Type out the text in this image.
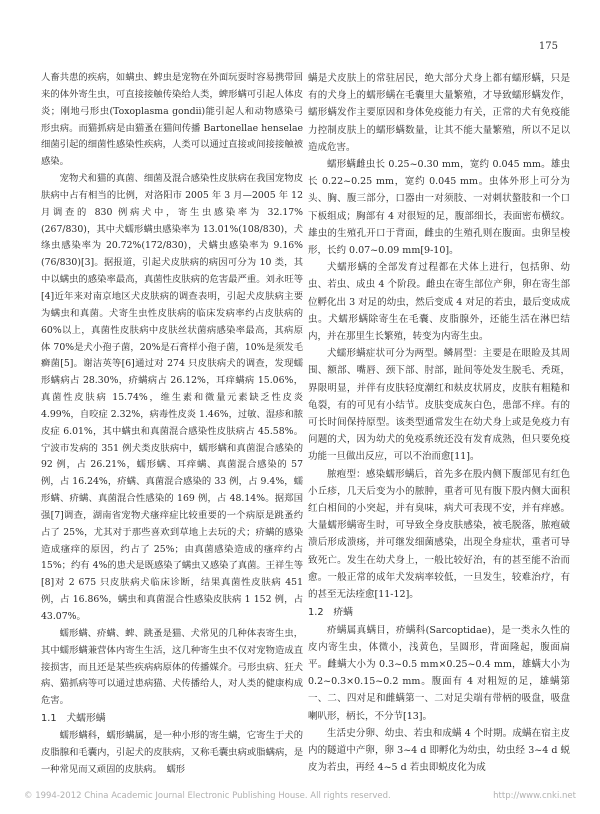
175

人畜共患的疾病，如螨虫、蜱虫是宠物在外面玩耍时容易携带回来的体外寄生虫，可直接接触传染给人类，蜱形螨可引起人体皮炎；刚地弓形虫(Toxoplasma gondii)能引起人和动物感染弓形虫病。而猫抓病是由猫蚤在猫间传播 Bartonellae henselae 细菌引起的细菌性感染性疾病，人类可以通过直接或间接接触被感染。

宠物犬和猫的真菌、细菌及混合感染性皮肤病在我国宠物皮肤病中占有相当的比例，对洛阳市 2005 年 3 月—2005 年 12 月调查的 830 例病犬中，寄生虫感染率为 32.17%(267/830)，其中犬蠕形螨虫感染率为 13.01%(108/830)，犬绦虫感染率为 20.72%(172/830)，犬螨虫感染率为 9.16%(76/830)[3]。据报道，引起犬皮肤病的病因可分为 10 类，其中以螨虫的感染率最高，真菌性皮肤病的危害最严重。刘永旺等[4]近年来对南京地区犬皮肤病的调查表明，引起犬皮肤病主要为螨虫和真菌。犬寄生虫性皮肤病的临床发病率约占皮肤病的 60%以上，真菌性皮肤病中皮肤丝状菌病感染率最高，其病原体 70%是犬小孢子菌，20%是石膏样小孢子菌，10%是须发毛癣菌[5]。谢洁英等[6]通过对 274 只皮肤病犬的调查，发现蠕形螨病占 28.30%，疥螨病占 26.12%，耳痒螨病 15.06%，真菌性皮肤病 15.74%，维生素和微量元素缺乏性皮炎 4.99%，自咬症 2.32%，病毒性皮炎 1.46%，过敏、湿疹和脓皮症 6.01%，其中螨虫和真菌混合感染性皮肤病占 45.58%。宁波市发病的 351 例犬类皮肤病中，蠕形螨和真菌混合感染的 92 例，占 26.21%，蠕形螨、耳痒螨、真菌混合感染的 57 例，占 16.24%，疥螨、真菌混合感染的 33 例，占 9.4%，蠕形螨、疥螨、真菌混合性感染的 169 例，占 48.14%。据郑国强[7]调查，湖南省宠物犬瘙痒症比较重要的一个病原是跳蚤约占了 25%，尤其对于那些喜欢到草地上去玩的犬；疥螨的感染造成瘙痒的原因，约占了 25%；由真菌感染造成的瘙痒约占 15%；约有 4%的患犬是既感染了螨虫又感染了真菌。王祥生等[8]对 2 675 只皮肤病犬临床诊断，结果真菌性皮肤病 451 例，占 16.86%，螨虫和真菌混合性感染皮肤病 1 152 例，占 43.07%。

蠕形螨、疥螨、蜱、跳蚤是猫、犬常见的几种体表寄生虫，其中蠕形螨兼营体内寄生生活，这几种寄生虫不仅对宠物造成直接损害，而且还是某些疾病病原体的传播媒介。弓形虫病、狂犬病、猫抓病等可以通过患病猫、犬传播给人，对人类的健康构成危害。

1.1　犬蠕形螨

蠕形螨科，蠕形螨属，是一种小形的寄生螨，它寄生于犬的皮脂腺和毛囊内，引起犬的皮肤病，又称毛囊虫病或脂螨病，是一种常见而又顽固的皮肤病。　蠕形

螨是犬皮肤上的常驻居民，绝大部分犬身上都有蠕形螨，只是有的犬身上的蠕形螨在毛囊里大量繁殖，才导致蠕形螨发作，蠕形螨发作主要原因和身体免疫能力有关，正常的犬有免疫能力控制皮肤上的蠕形螨数量，让其不能大量繁殖，所以不足以造成危害。

蠕形螨雌虫长 0.25~0.30 mm，宽约 0.045 mm。雄虫长 0.22~0.25 mm，宽约 0.045 mm。虫体外形上可分为头、胸、腹三部分，口器由一对须肢、一对刺状螯肢和一个口下板组成；胸部有 4 对很短的足，腹部细长，表面密布横纹。雄虫的生殖孔开口于背面，雌虫的生殖孔则在腹面。虫卵呈梭形，长约 0.07~0.09 mm[9-10]。

犬蠕形螨的全部发育过程都在犬体上进行，包括卵、幼虫、若虫、成虫 4 个阶段。雌虫在寄生部位产卵，卵在寄生部位孵化出 3 对足的幼虫，然后变成 4 对足的若虫，最后变成成虫。犬蠕形螨除寄生在毛囊、皮脂腺外，还能生活在淋巴结内，并在那里生长繁殖，转变为内寄生虫。

犬蠕形螨症状可分为两型。鳞屑型：主要是在眼睑及其周围、额部、嘴唇、颈下部、肘部，趾间等处发生脱毛、秃斑，界限明显，并伴有皮肤轻度潮红和麸皮状屑皮，皮肤有粗糙和龟裂，有的可见有小结节。皮肤变成灰白色，患部不痒。有的可长时间保持原型。该类型通常发生在幼犬身上或是免疫力有问题的犬，因为幼犬的免疫系统还没有发育成熟，但只要免疫功能一旦做出反应，可以不治而愈[11]。

脓疱型：感染蠕形螨后，首先多在股内侧下腹部见有红色小丘疹，几天后变为小的脓肿，重者可见有腹下股内侧大面积红白相间的小突起，并有臭味，病犬可表现不安，并有痒感。大量蠕形螨寄生时，可导致全身皮肤感染，被毛脱落，脓疱破溃后形成溃疡，并可继发细菌感染，出现全身症状，重者可导致死亡。发生在幼犬身上，一般比较好治，有的甚至能不治而愈。一般正常的成年犬发病率较低，一旦发生，较难治疗，有的甚至无法痊愈[11-12]。

1.2　疥螨

疥螨属真螨目，疥螨科(Sarcoptidae)，是一类永久性的皮内寄生虫，体微小，浅黄色，呈圆形，背面隆起，腹面扁平。雌螨大小为 0.3~0.5 mm×0.25~0.4 mm，雄螨大小为 0.2~0.3×0.15~0.2 mm。腹面有 4 对粗短的足，雄螨第一、二、四对足和雌螨第一、二对足尖端有带柄的吸盘，吸盘喇叭形，柄长，不分节[13]。

生活史分卵、幼虫、若虫和成螨 4 个时期。成螨在宿主皮内的隧道中产卵，卵 3~4 d 即孵化为幼虫，幼虫经 3~4 d 蜕皮为若虫，再经 4~5 d 若虫即蜕皮化为成

© 1994-2012 China Academic Journal Electronic Publishing House. All rights reserved.	http://www.cnki.net
